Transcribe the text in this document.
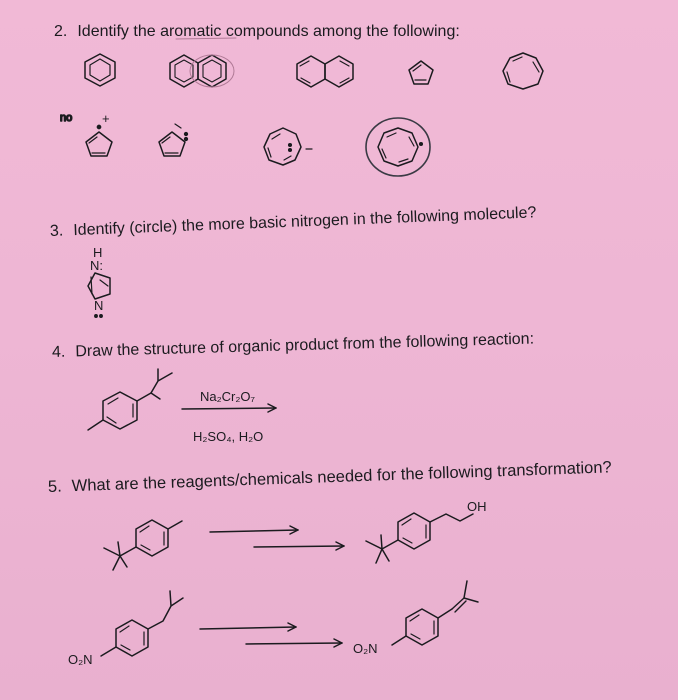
2. Identify the aromatic compounds among the following:
3. Identify (circle) the more basic nitrogen in the following molecule?
4. Draw the structure of organic product from the following reaction:
5. What are the reagents/chemicals needed for the following transformation?
no +
H
N:
N
Na₂Cr₂O₇
H₂SO₄, H₂O
OH
O₂N
O₂N
